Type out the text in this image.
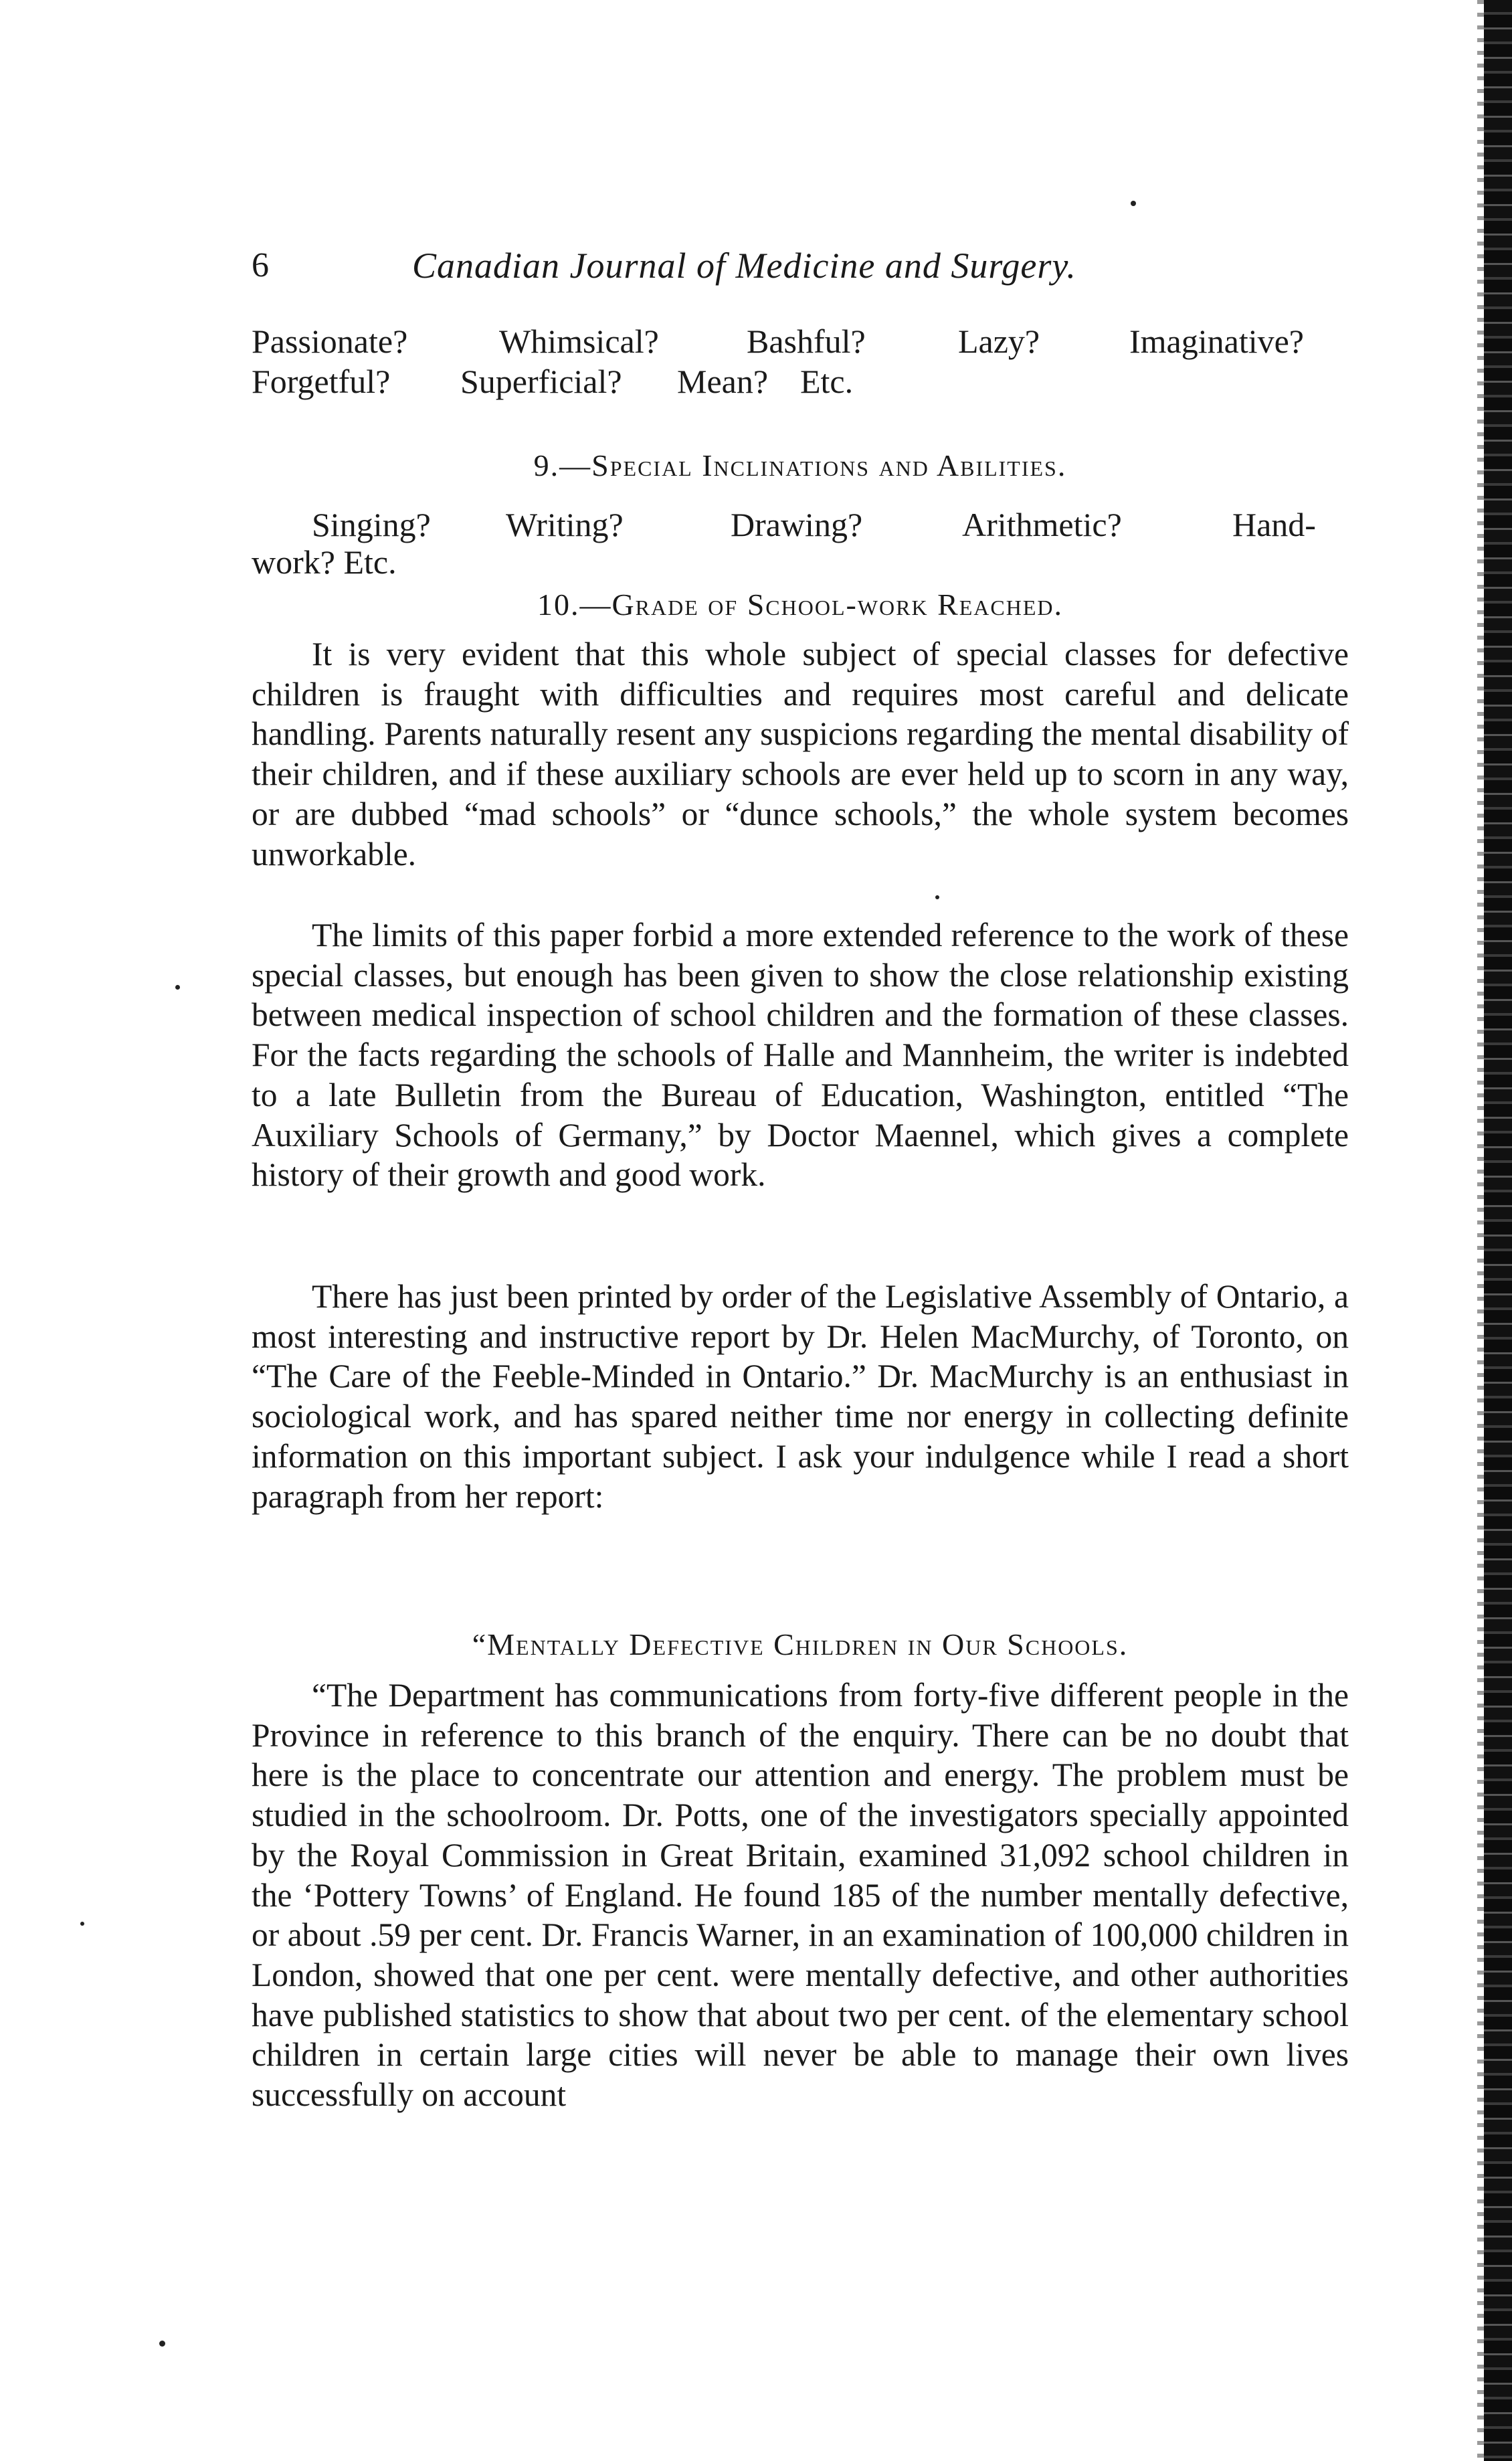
6	Canadian Journal of Medicine and Surgery.
Passionate?	Whimsical?	Bashful?	Lazy?	Imaginative?
Forgetful? Superficial? Mean? Etc.
9.—Special Inclinations and Abilities.
Singing? Writing?	Drawing?	Arithmetic?	Hand-
work? Etc.
10.—Grade of School-work Reached.

It is very evident that this whole subject of special classes for defective children is fraught with difficulties and requires most careful and delicate handling. Parents naturally resent any suspicions regarding the mental disability of their children, and if these auxiliary schools are ever held up to scorn in any way, or are dubbed “mad schools” or “dunce schools,” the whole system becomes unworkable.

The limits of this paper forbid a more extended reference to the work of these special classes, but enough has been given to show the close relationship existing between medical inspection of school children and the formation of these classes. For the facts regarding the schools of Halle and Mannheim, the writer is indebted to a late Bulletin from the Bureau of Education, Washington, entitled “The Auxiliary Schools of Germany,” by Doctor Maennel, which gives a complete history of their growth and good work.

There has just been printed by order of the Legislative Assembly of Ontario, a most interesting and instructive report by Dr. Helen MacMurchy, of Toronto, on “The Care of the Feeble-Minded in Ontario.” Dr. MacMurchy is an enthusiast in sociological work, and has spared neither time nor energy in collecting definite information on this important subject. I ask your indulgence while I read a short paragraph from her report:

“Mentally Defective Children in Our Schools.

“The Department has communications from forty-five different people in the Province in reference to this branch of the enquiry. There can be no doubt that here is the place to concentrate our attention and energy. The problem must be studied in the schoolroom. Dr. Potts, one of the investigators specially appointed by the Royal Commission in Great Britain, examined 31,092 school children in the ‘Pottery Towns’ of England. He found 185 of the number mentally defective, or about .59 per cent. Dr. Francis Warner, in an examination of 100,000 children in London, showed that one per cent. were mentally defective, and other authorities have published statistics to show that about two per cent. of the elementary school children in certain large cities will never be able to manage their own lives successfully on account
